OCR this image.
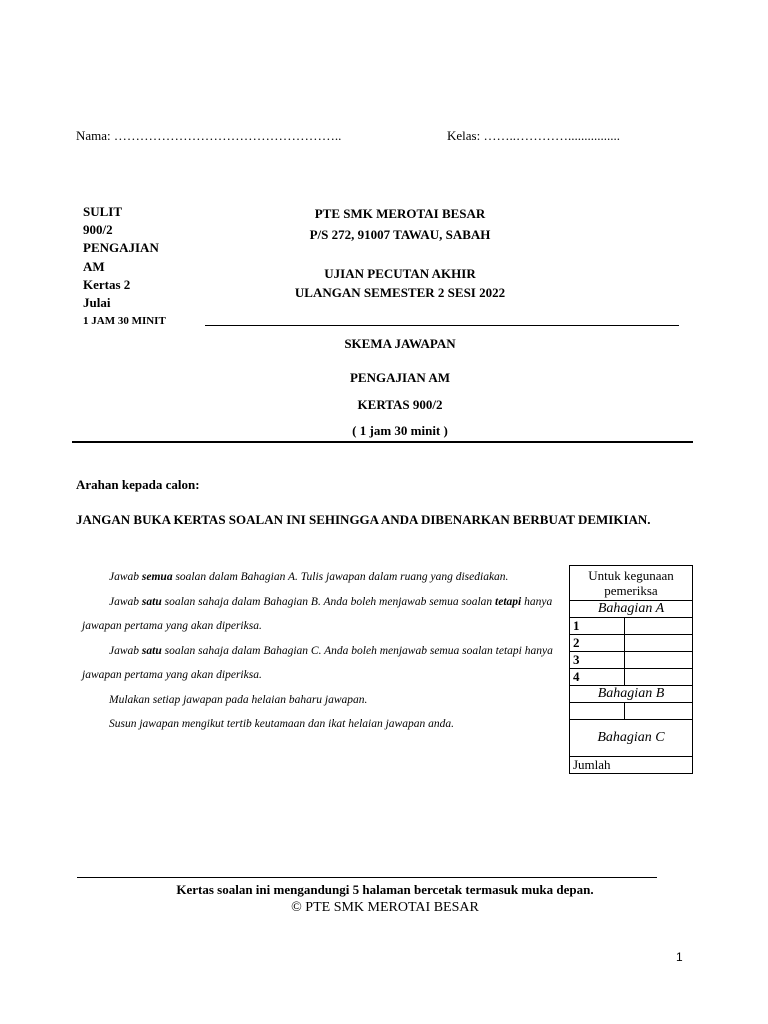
Nama: ……………………………………………..	Kelas: ……..…………................
SULIT
900/2
PENGAJIAN
AM
Kertas 2
Julai
1 JAM 30 MINIT
PTE SMK MEROTAI BESAR
P/S 272, 91007 TAWAU, SABAH
UJIAN PECUTAN AKHIR
ULANGAN SEMESTER 2 SESI 2022
SKEMA JAWAPAN
PENGAJIAN AM
KERTAS 900/2
( 1 jam 30 minit )
Arahan kepada calon:
JANGAN BUKA KERTAS SOALAN INI SEHINGGA ANDA DIBENARKAN BERBUAT DEMIKIAN.

Jawab semua soalan dalam Bahagian A. Tulis jawapan dalam ruang yang disediakan.

Jawab satu soalan sahaja dalam Bahagian B. Anda boleh menjawab semua soalan tetapi hanya jawapan pertama yang akan diperiksa.

Jawab satu soalan sahaja dalam Bahagian C. Anda boleh menjawab semua soalan tetapi hanya jawapan pertama yang akan diperiksa.

Mulakan setiap jawapan pada helaian baharu jawapan.

Susun jawapan mengikut tertib keutamaan dan ikat helaian jawapan anda.

Untuk kegunaan pemeriksa	
Bahagian A	
1	
2	
3	
4	
Bahagian B	

Bahagian C	
Jumlah	
Kertas soalan ini mengandungi 5 halaman bercetak termasuk muka depan.
© PTE SMK MEROTAI BESAR
1
